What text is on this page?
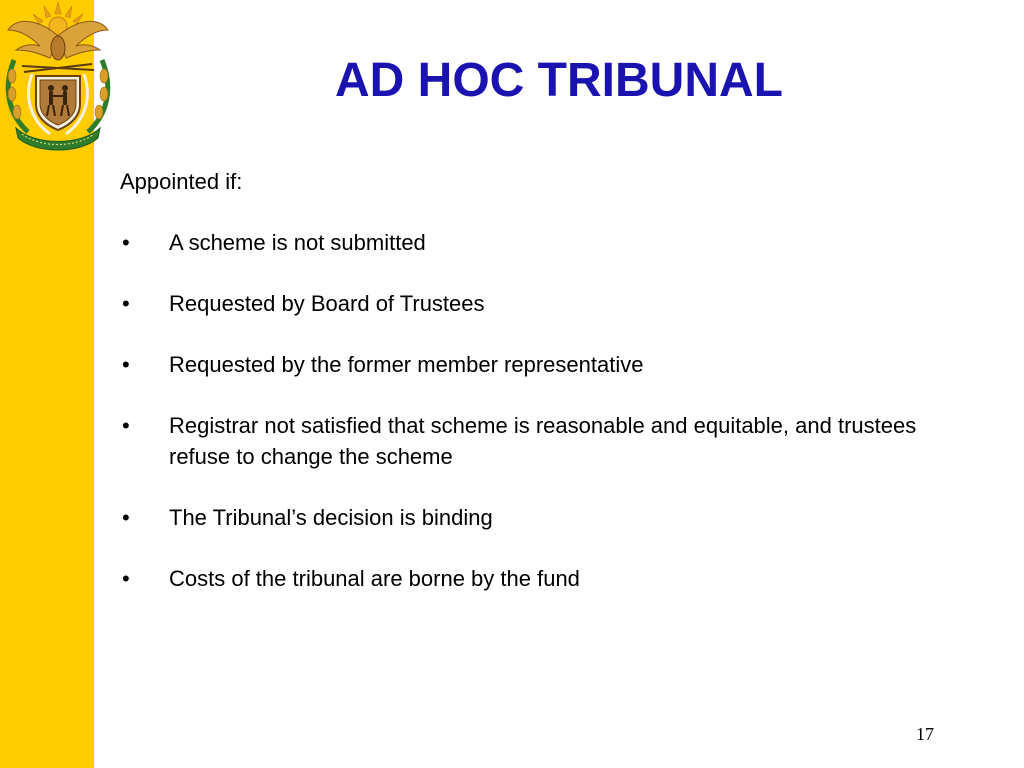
AD HOC TRIBUNAL

Appointed if:

•	A scheme is not submitted
•	Requested by Board of Trustees
•	Requested by the former member representative
•	Registrar not satisfied that scheme is reasonable and equitable, and trustees refuse to change the scheme
•	The Tribunal’s decision is binding
•	Costs of the tribunal are borne by the fund
17
